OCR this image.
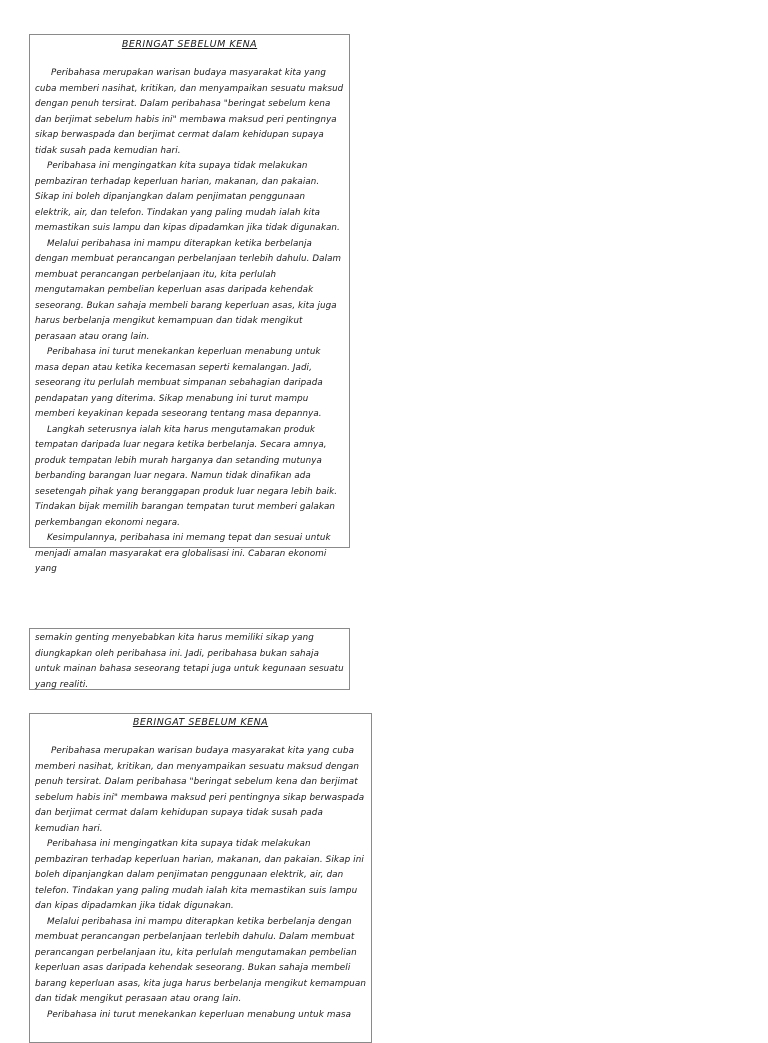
BERINGAT SEBELUM KENA

Peribahasa merupakan warisan budaya masyarakat kita yang cuba memberi nasihat, kritikan, dan menyampaikan sesuatu maksud dengan penuh tersirat. Dalam peribahasa "beringat sebelum kena dan berjimat sebelum habis ini" membawa maksud peri pentingnya sikap berwaspada dan berjimat cermat dalam kehidupan supaya tidak susah pada kemudian hari.

Peribahasa ini mengingatkan kita supaya tidak melakukan pembaziran terhadap keperluan harian, makanan, dan pakaian. Sikap ini boleh dipanjangkan dalam penjimatan penggunaan elektrik, air, dan telefon. Tindakan yang paling mudah ialah kita memastikan suis lampu dan kipas dipadamkan jika tidak digunakan.

Melalui peribahasa ini mampu diterapkan ketika berbelanja dengan membuat perancangan perbelanjaan terlebih dahulu. Dalam membuat perancangan perbelanjaan itu, kita perlulah mengutamakan pembelian keperluan asas daripada kehendak seseorang. Bukan sahaja membeli barang keperluan asas, kita juga harus berbelanja mengikut kemampuan dan tidak mengikut perasaan atau orang lain.

Peribahasa ini turut menekankan keperluan menabung untuk masa depan atau ketika kecemasan seperti kemalangan. Jadi, seseorang itu perlulah membuat simpanan sebahagian daripada pendapatan yang diterima. Sikap menabung ini turut mampu memberi keyakinan kepada seseorang tentang masa depannya.

Langkah seterusnya ialah kita harus mengutamakan produk tempatan daripada luar negara ketika berbelanja. Secara amnya, produk tempatan lebih murah harganya dan setanding mutunya berbanding barangan luar negara. Namun tidak dinafikan ada sesetengah pihak yang beranggapan produk luar negara lebih baik. Tindakan bijak memilih barangan tempatan turut memberi galakan perkembangan ekonomi negara.

Kesimpulannya, peribahasa ini memang tepat dan sesuai untuk menjadi amalan masyarakat era globalisasi ini. Cabaran ekonomi yang

semakin genting menyebabkan kita harus memiliki sikap yang diungkapkan oleh peribahasa ini. Jadi, peribahasa bukan sahaja untuk mainan bahasa seseorang tetapi juga untuk kegunaan sesuatu yang realiti.

BERINGAT SEBELUM KENA

Peribahasa merupakan warisan budaya masyarakat kita yang cuba memberi nasihat, kritikan, dan menyampaikan sesuatu maksud dengan penuh tersirat. Dalam peribahasa "beringat sebelum kena dan berjimat sebelum habis ini" membawa maksud peri pentingnya sikap berwaspada dan berjimat cermat dalam kehidupan supaya tidak susah pada kemudian hari.

Peribahasa ini mengingatkan kita supaya tidak melakukan pembaziran terhadap keperluan harian, makanan, dan pakaian. Sikap ini boleh dipanjangkan dalam penjimatan penggunaan elektrik, air, dan telefon. Tindakan yang paling mudah ialah kita memastikan suis lampu dan kipas dipadamkan jika tidak digunakan.

Melalui peribahasa ini mampu diterapkan ketika berbelanja dengan membuat perancangan perbelanjaan terlebih dahulu. Dalam membuat perancangan perbelanjaan itu, kita perlulah mengutamakan pembelian keperluan asas daripada kehendak seseorang. Bukan sahaja membeli barang keperluan asas, kita juga harus berbelanja mengikut kemampuan dan tidak mengikut perasaan atau orang lain.

Peribahasa ini turut menekankan keperluan menabung untuk masa
